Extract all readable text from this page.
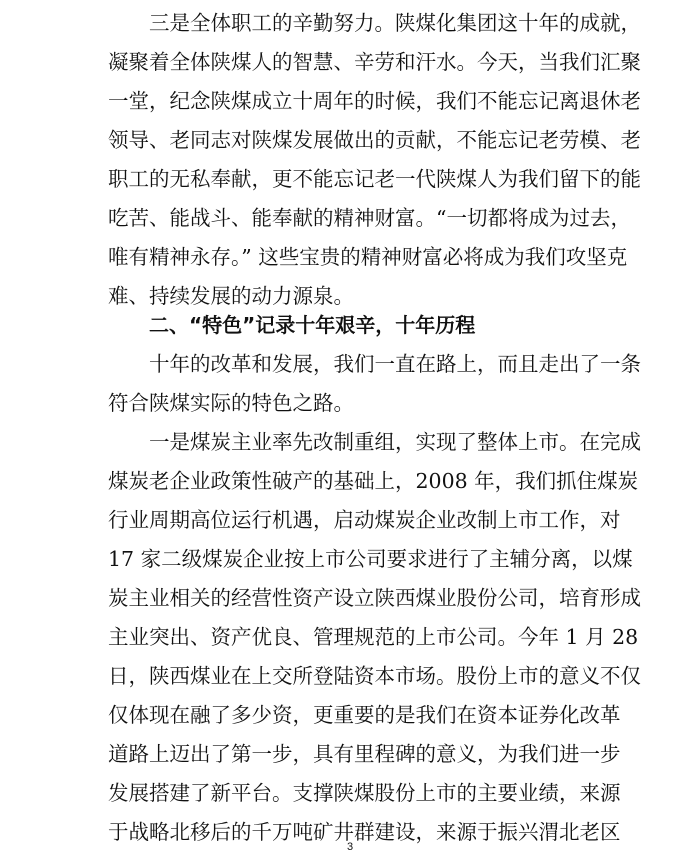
三是全体职工的辛勤努力。陕煤化集团这十年的成就，
凝聚着全体陕煤人的智慧、辛劳和汗水。今天，当我们汇聚
一堂，纪念陕煤成立十周年的时候，我们不能忘记离退休老
领导、老同志对陕煤发展做出的贡献，不能忘记老劳模、老
职工的无私奉献，更不能忘记老一代陕煤人为我们留下的能
吃苦、能战斗、能奉献的精神财富。“一切都将成为过去，
唯有精神永存。” 这些宝贵的精神财富必将成为我们攻坚克
难、持续发展的动力源泉。
二、“特色”记录十年艰辛，十年历程
十年的改革和发展，我们一直在路上，而且走出了一条
符合陕煤实际的特色之路。
一是煤炭主业率先改制重组，实现了整体上市。在完成
煤炭老企业政策性破产的基础上，2008 年，我们抓住煤炭
行业周期高位运行机遇，启动煤炭企业改制上市工作，对
17 家二级煤炭企业按上市公司要求进行了主辅分离，以煤
炭主业相关的经营性资产设立陕西煤业股份公司，培育形成
主业突出、资产优良、管理规范的上市公司。今年 1 月 28
日，陕西煤业在上交所登陆资本市场。股份上市的意义不仅
仅体现在融了多少资，更重要的是我们在资本证券化改革
道路上迈出了第一步，具有里程碑的意义，为我们进一步
发展搭建了新平台。支撑陕煤股份上市的主要业绩，来源
于战略北移后的千万吨矿井群建设，来源于振兴渭北老区
3
